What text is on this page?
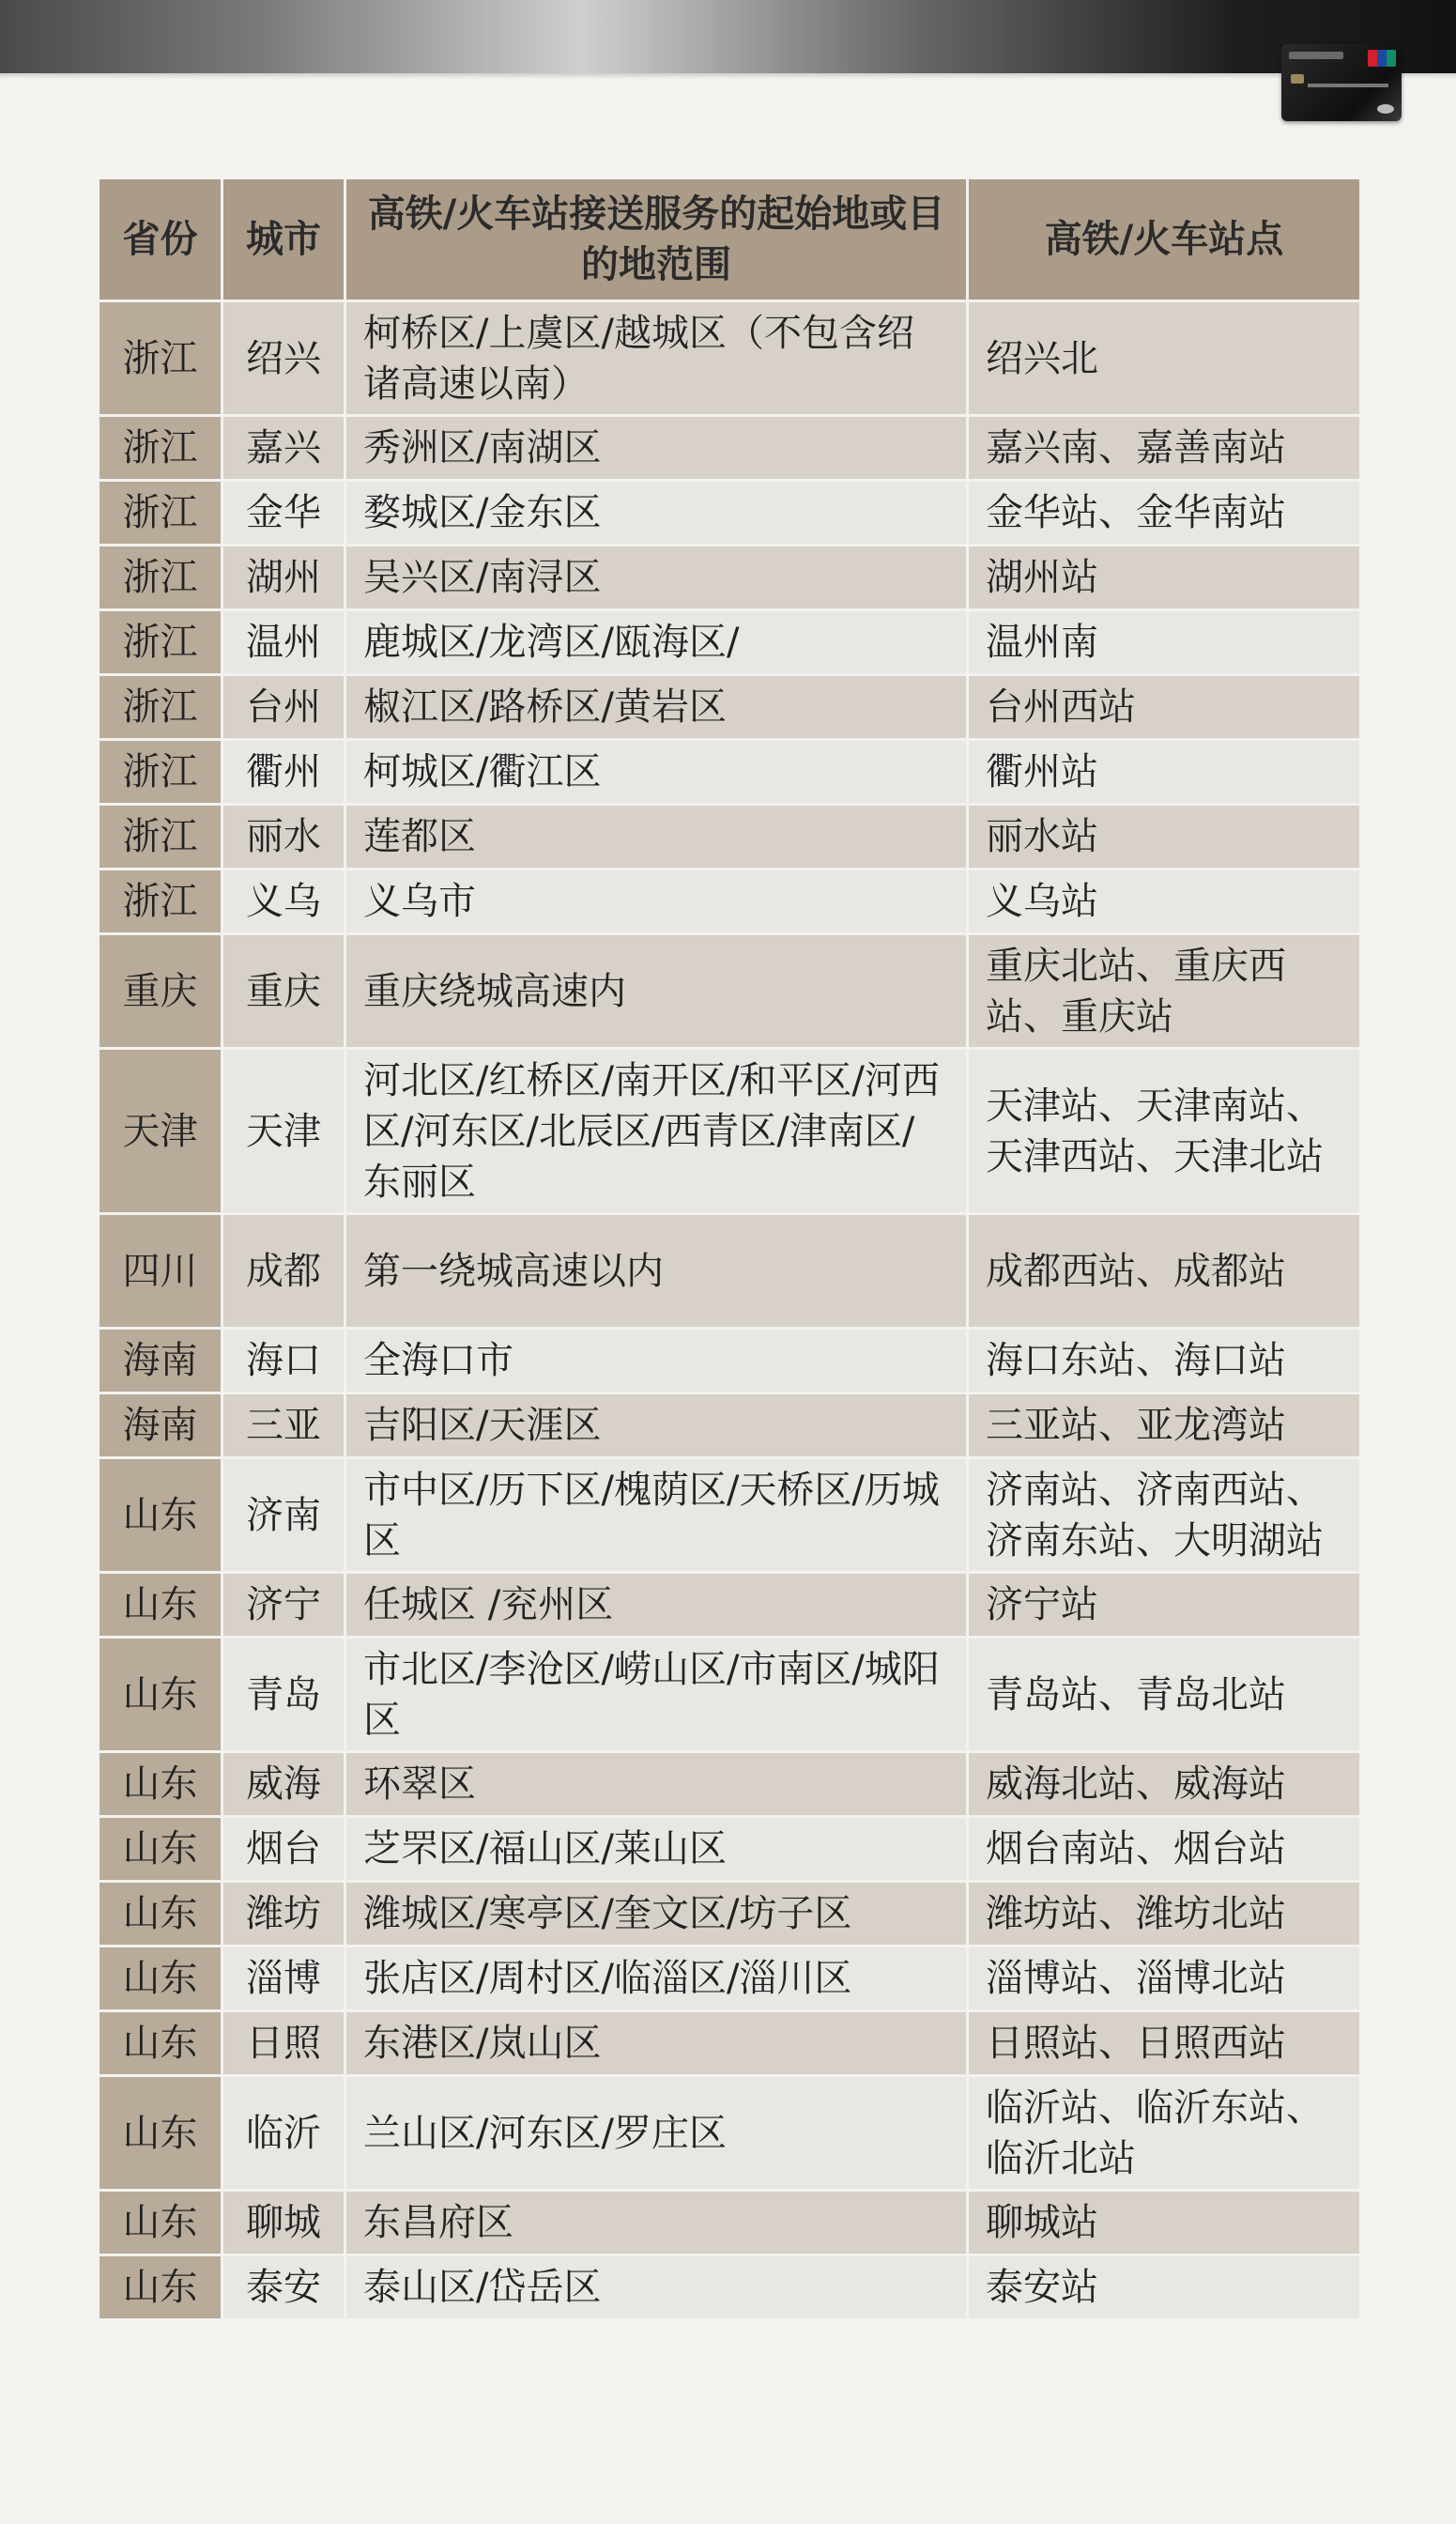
省份	城市	高铁/火车站接送服务的起始地或目的地范围	高铁/火车站点
浙江	绍兴	柯桥区/上虞区/越城区（不包含绍诸高速以南）	绍兴北
浙江	嘉兴	秀洲区/南湖区	嘉兴南、嘉善南站
浙江	金华	婺城区/金东区	金华站、金华南站
浙江	湖州	吴兴区/南浔区	湖州站
浙江	温州	鹿城区/龙湾区/瓯海区/	温州南
浙江	台州	椒江区/路桥区/黄岩区	台州西站
浙江	衢州	柯城区/衢江区	衢州站
浙江	丽水	莲都区	丽水站
浙江	义乌	义乌市	义乌站
重庆	重庆	重庆绕城高速内	重庆北站、重庆西站、重庆站
天津	天津	河北区/红桥区/南开区/和平区/河西区/河东区/北辰区/西青区/津南区/东丽区	天津站、天津南站、天津西站、天津北站
四川	成都	第一绕城高速以内	成都西站、成都站
海南	海口	全海口市	海口东站、海口站
海南	三亚	吉阳区/天涯区	三亚站、亚龙湾站
山东	济南	市中区/历下区/槐荫区/天桥区/历城区	济南站、济南西站、济南东站、大明湖站
山东	济宁	任城区 /兖州区	济宁站
山东	青岛	市北区/李沧区/崂山区/市南区/城阳区	青岛站、青岛北站
山东	威海	环翠区	威海北站、威海站
山东	烟台	芝罘区/福山区/莱山区	烟台南站、烟台站
山东	潍坊	潍城区/寒亭区/奎文区/坊子区	潍坊站、潍坊北站
山东	淄博	张店区/周村区/临淄区/淄川区	淄博站、淄博北站
山东	日照	东港区/岚山区	日照站、日照西站
山东	临沂	兰山区/河东区/罗庄区	临沂站、临沂东站、临沂北站
山东	聊城	东昌府区	聊城站
山东	泰安	泰山区/岱岳区	泰安站
